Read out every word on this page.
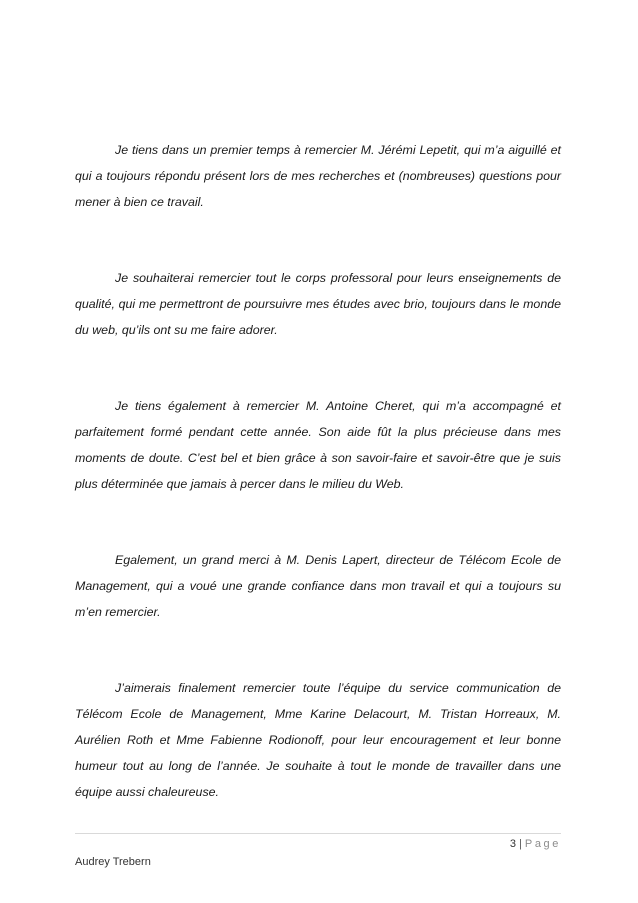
Je tiens dans un premier temps à remercier M. Jérémi Lepetit, qui m’a aiguillé et qui a toujours répondu présent lors de mes recherches et (nombreuses) questions pour mener à bien ce travail.

Je souhaiterai remercier tout le corps professoral pour leurs enseignements de qualité, qui me permettront de poursuivre mes études avec brio, toujours dans le monde du web, qu’ils ont su me faire adorer.

Je tiens également à remercier M. Antoine Cheret, qui m’a accompagné et parfaitement formé pendant cette année. Son aide fût la plus précieuse dans mes moments de doute. C’est bel et bien grâce à son savoir-faire et savoir-être que je suis plus déterminée que jamais à percer dans le milieu du Web.

Egalement, un grand merci à M. Denis Lapert, directeur de Télécom Ecole de Management, qui a voué une grande confiance dans mon travail et qui a toujours su m’en remercier.

J’aimerais finalement remercier toute l’équipe du service communication de Télécom Ecole de Management, Mme Karine Delacourt, M. Tristan Horreaux, M. Aurélien Roth et Mme Fabienne Rodionoff, pour leur encouragement et leur bonne humeur tout au long de l’année. Je souhaite à tout le monde de travailler dans une équipe aussi chaleureuse.

3 | Page
Audrey Trebern
